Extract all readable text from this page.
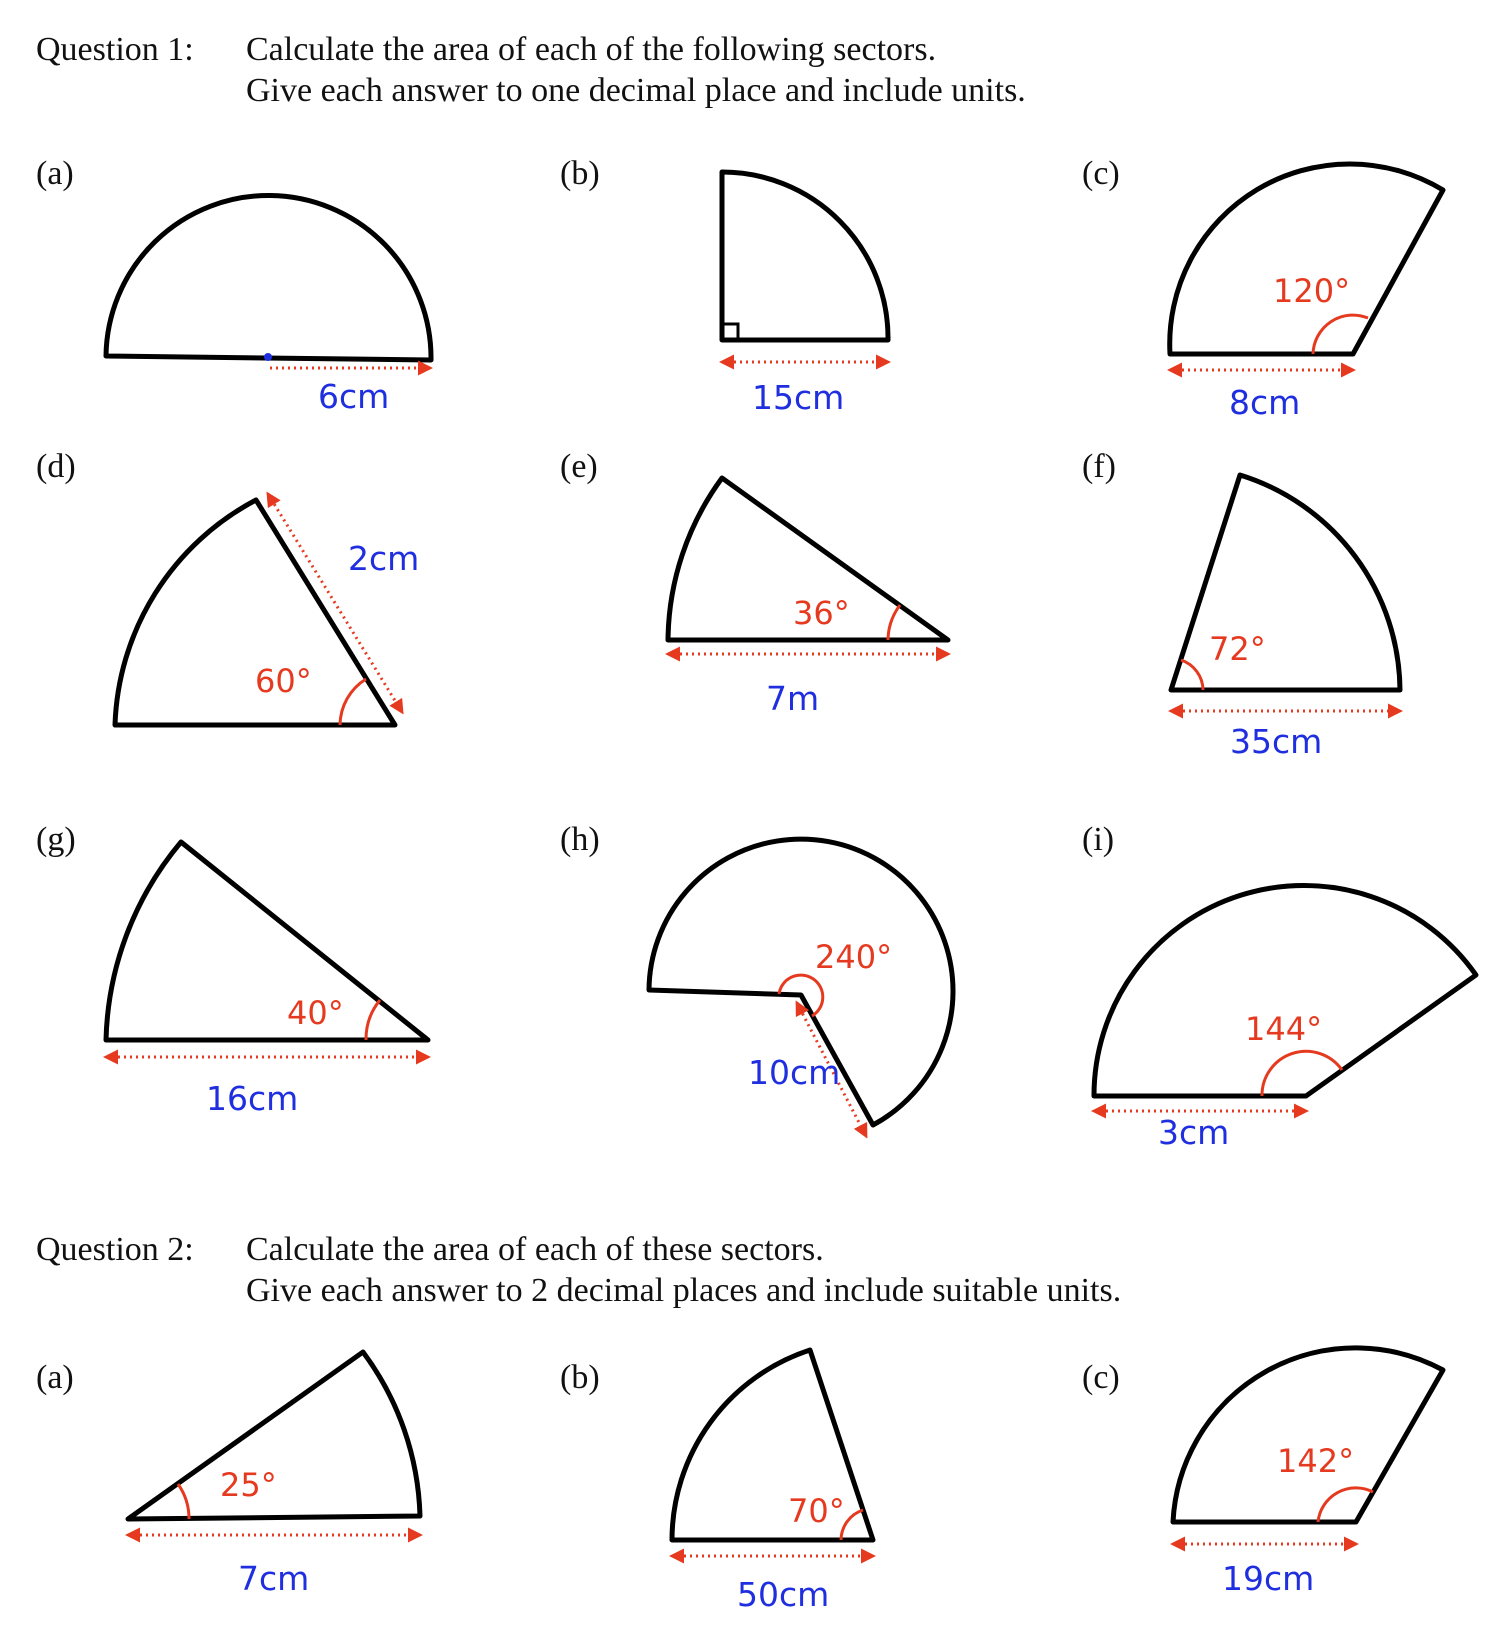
Question 1: Calculate the area of each of the following sectors.
Give each answer to one decimal place and include units.
(a)
6cm
(b)
15cm
(c)
120°
8cm
(d)
60°
2cm
(e)
36°
7m
(f)
72°
35cm
(g)
40°
16cm
(h)
240°
10cm
(i)
144°
3cm
Question 2: Calculate the area of each of these sectors.
Give each answer to 2 decimal places and include suitable units.
(a)
25°
7cm
(b)
70°
50cm
(c)
142°
19cm
